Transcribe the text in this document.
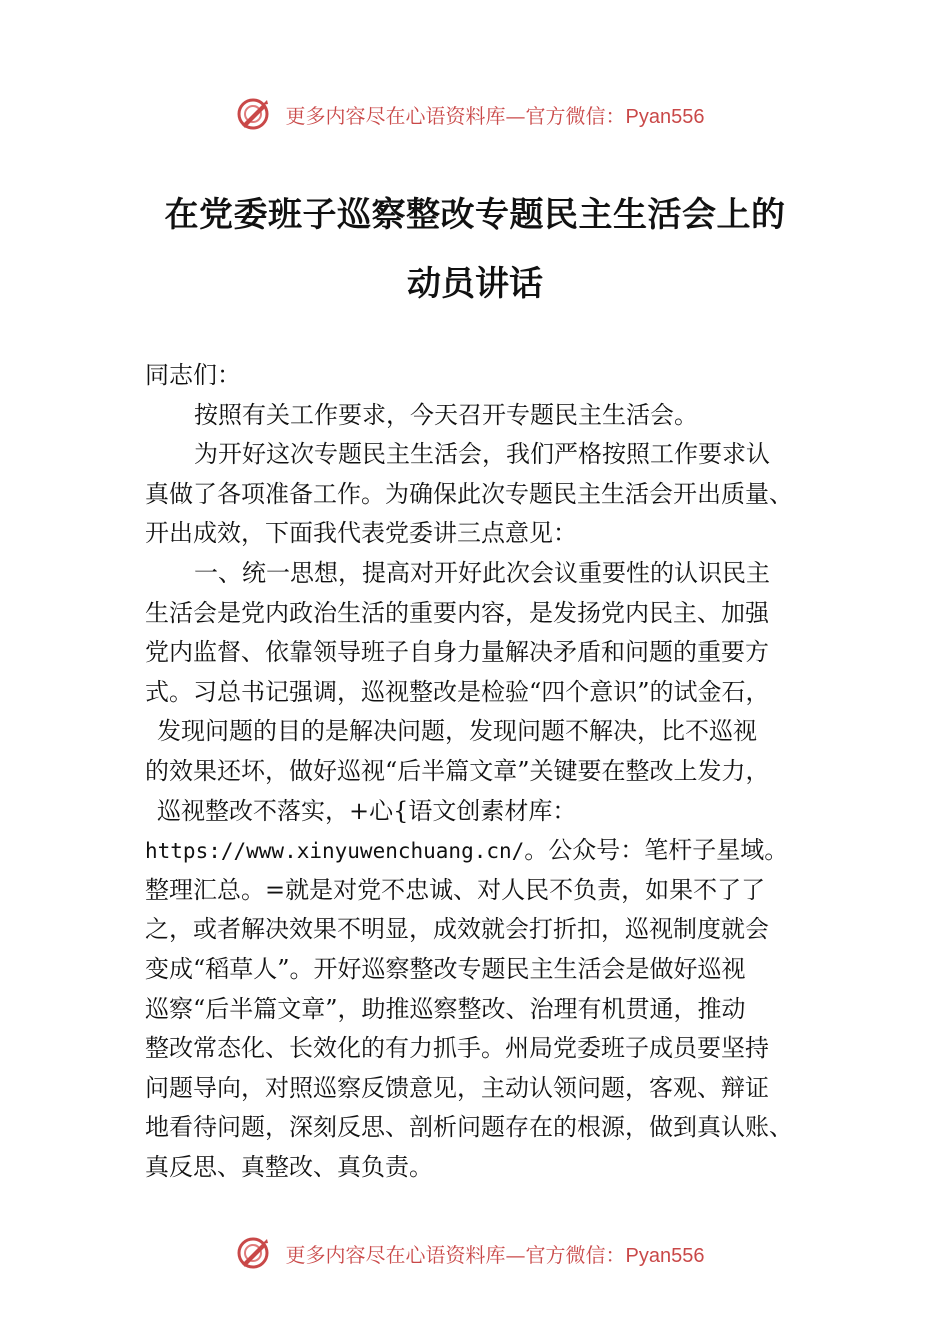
更多内容尽在心语资料库—官方微信：Pyan556
在党委班子巡察整改专题民主生活会上的
动员讲话
同志们：
按照有关工作要求，今天召开专题民主生活会。
为开好这次专题民主生活会，我们严格按照工作要求认
真做了各项准备工作。为确保此次专题民主生活会开出质量、
开出成效，下面我代表党委讲三点意见：
一、统一思想，提高对开好此次会议重要性的认识民主
生活会是党内政治生活的重要内容，是发扬党内民主、加强
党内监督、依靠领导班子自身力量解决矛盾和问题的重要方
式。习总书记强调，巡视整改是检验“四个意识”的试金石，
发现问题的目的是解决问题，发现问题不解决，比不巡视
的效果还坏，做好巡视“后半篇文章”关键要在整改上发力，
巡视整改不落实，+心{语文创素材库：
https://www.xinyuwenchuang.cn/。公众号：笔杆子星域。
整理汇总。=就是对党不忠诚、对人民不负责，如果不了了
之，或者解决效果不明显，成效就会打折扣，巡视制度就会
变成“稻草人”。开好巡察整改专题民主生活会是做好巡视
巡察“后半篇文章”，助推巡察整改、治理有机贯通，推动
整改常态化、长效化的有力抓手。州局党委班子成员要坚持
问题导向，对照巡察反馈意见，主动认领问题，客观、辩证
地看待问题，深刻反思、剖析问题存在的根源，做到真认账、
真反思、真整改、真负责。
更多内容尽在心语资料库—官方微信：Pyan556
